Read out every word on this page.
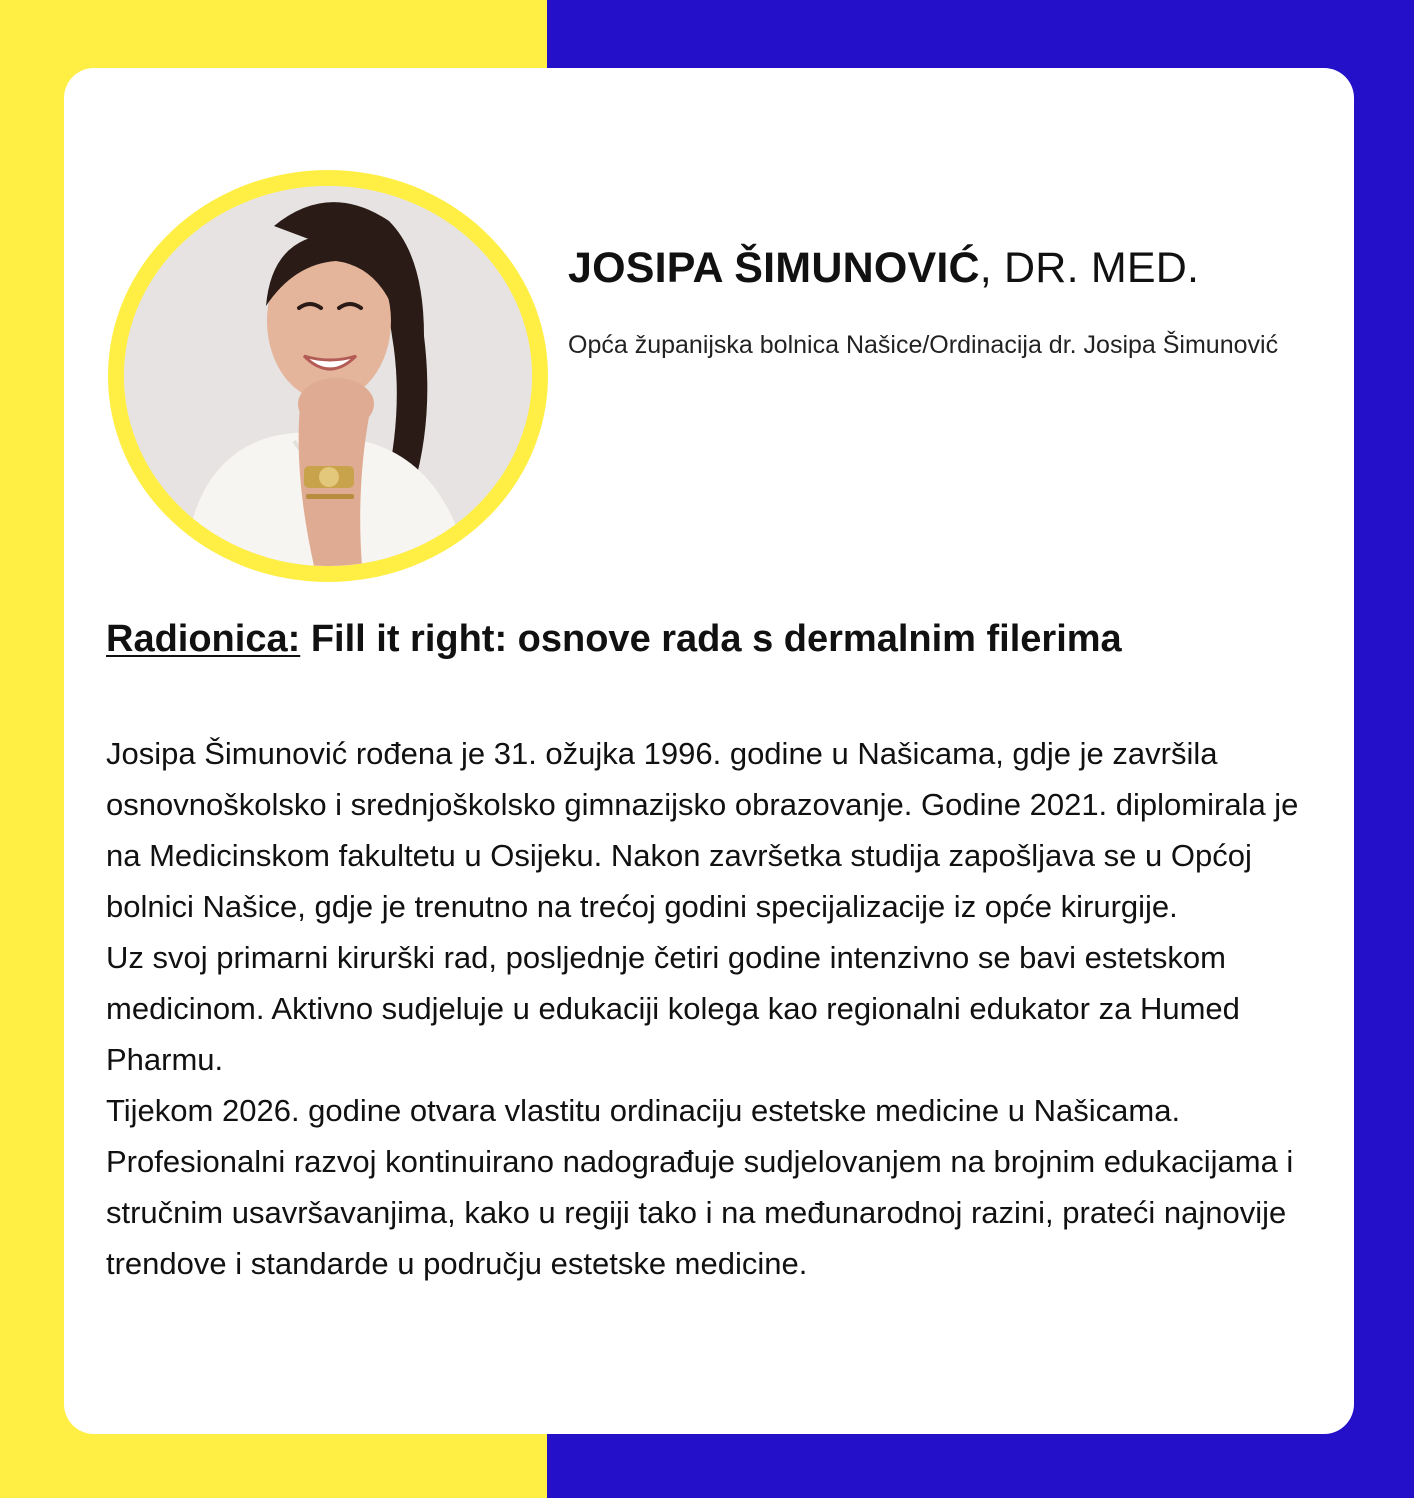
JOSIPA ŠIMUNOVIĆ, DR. MED.

Opća županijska bolnica Našice/Ordinacija dr. Josipa Šimunović

Radionica: Fill it right: osnove rada s dermalnim filerima

Josipa Šimunović rođena je 31. ožujka 1996. godine u Našicama, gdje je završila osnovnoškolsko i srednjoškolsko gimnazijsko obrazovanje. Godine 2021. diplomirala je na Medicinskom fakultetu u Osijeku. Nakon završetka studija zapošljava se u Općoj bolnici Našice, gdje je trenutno na trećoj godini specijalizacije iz opće kirurgije.

Uz svoj primarni kirurški rad, posljednje četiri godine intenzivno se bavi estetskom medicinom. Aktivno sudjeluje u edukaciji kolega kao regionalni edukator za Humed Pharmu.

Tijekom 2026. godine otvara vlastitu ordinaciju estetske medicine u Našicama. Profesionalni razvoj kontinuirano nadograđuje sudjelovanjem na brojnim edukacijama i stručnim usavršavanjima, kako u regiji tako i na međunarodnoj razini, prateći najnovije trendove i standarde u području estetske medicine.
